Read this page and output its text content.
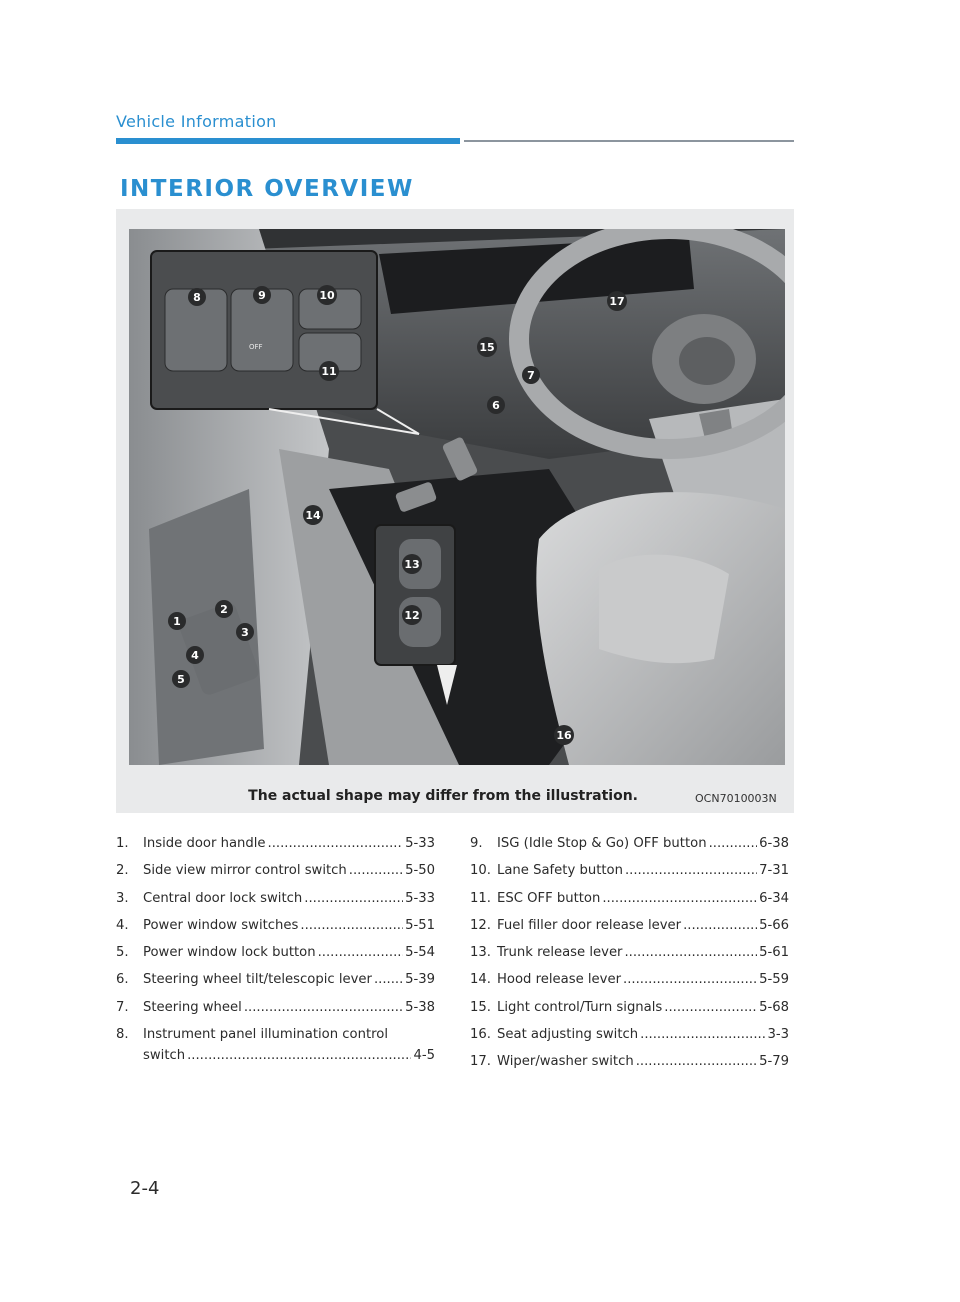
Vehicle Information
INTERIOR OVERVIEW
OFF
8	9	10
11
17
15
7
6
14
13
12
1
2
3
4
5
16
The actual shape may differ from the illustration.	OCN7010003N
1.	Inside door handle .....	5-33
2.	Side view mirror control switch .....	5-50
3.	Central door lock switch .....	5-33
4.	Power window switches .....	5-51
5.	Power window lock button .....	5-54
6.	Steering wheel tilt/telescopic lever .....	5-39
7.	Steering wheel .....	5-38
8.	Instrument panel illumination control
switch .....	4-5
9.	ISG (Idle Stop & Go) OFF button .....	6-38
10. Lane Safety button .....	7-31
11. ESC OFF button .....	6-34
12. Fuel filler door release lever .....	5-66
13. Trunk release lever .....	5-61
14. Hood release lever .....	5-59
15. Light control/Turn signals .....	5-68
16. Seat adjusting switch .....	3-3
17. Wiper/washer switch .....	5-79
2-4
